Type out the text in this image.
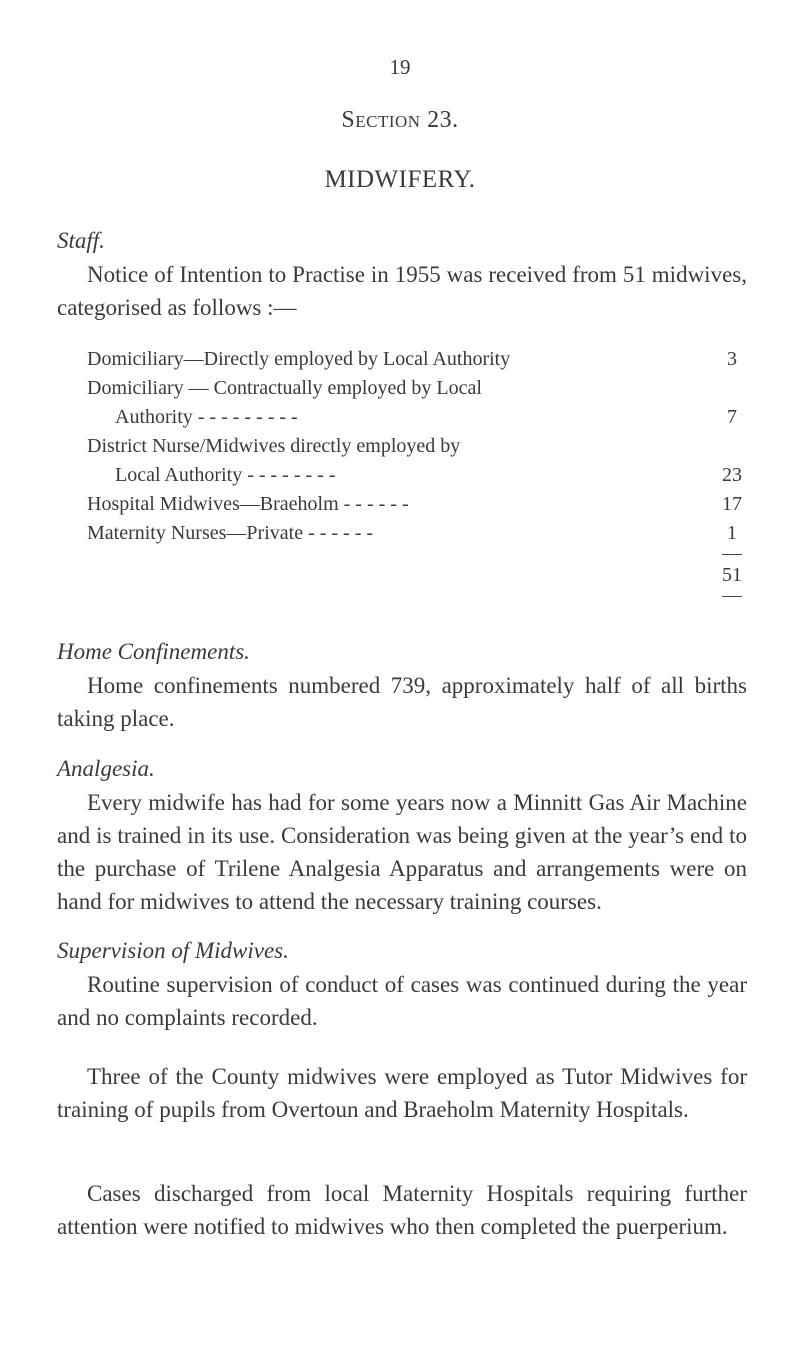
19
Section 23.
MIDWIFERY.
Staff.

Notice of Intention to Practise in 1955 was received from 51 midwives, categorised as follows :—

Domiciliary—Directly employed by Local Authority	3
Domiciliary — Contractually employed by Local
Authority - - - - - - - - -	7
District Nurse/Midwives directly employed by
Local Authority - - - - - - - -	23
Hospital Midwives—Braeholm - - - - - -	17
Maternity Nurses—Private - - - - - -	1
51
Home Confinements.

Home confinements numbered 739, approximately half of all births taking place.

Analgesia.

Every midwife has had for some years now a Minnitt Gas Air Machine and is trained in its use. Consideration was being given at the year’s end to the purchase of Trilene Analgesia Apparatus and arrangements were on hand for midwives to attend the necessary training courses.

Supervision of Midwives.

Routine supervision of conduct of cases was continued during the year and no complaints recorded.

Three of the County midwives were employed as Tutor Midwives for training of pupils from Overtoun and Braeholm Maternity Hospitals.

Cases discharged from local Maternity Hospitals requiring further attention were notified to midwives who then completed the puerperium.
